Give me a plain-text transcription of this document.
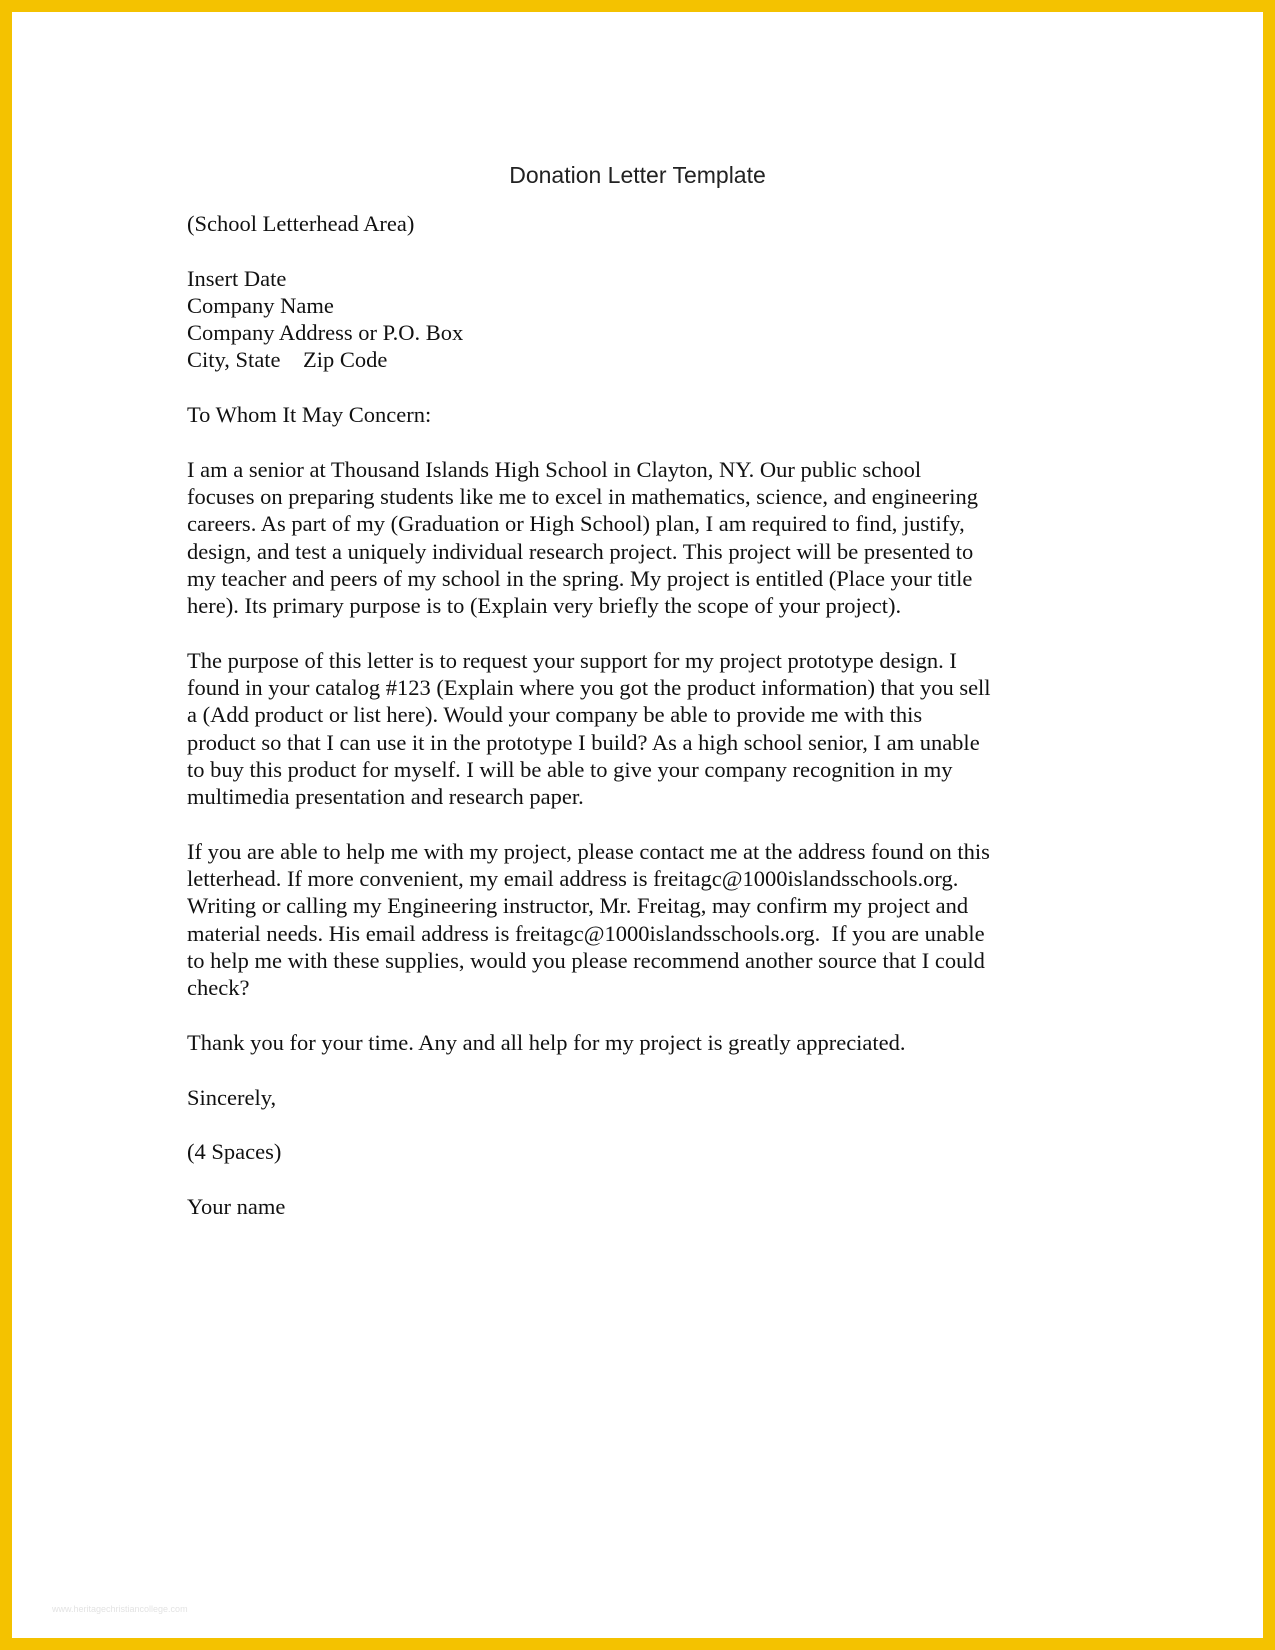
Donation Letter Template

(School Letterhead Area)

Insert Date
Company Name
Company Address or P.O. Box
City, State    Zip Code

To Whom It May Concern:

I am a senior at Thousand Islands High School in Clayton, NY. Our public school
focuses on preparing students like me to excel in mathematics, science, and engineering
careers. As part of my (Graduation or High School) plan, I am required to find, justify,
design, and test a uniquely individual research project. This project will be presented to
my teacher and peers of my school in the spring. My project is entitled (Place your title
here). Its primary purpose is to (Explain very briefly the scope of your project).

The purpose of this letter is to request your support for my project prototype design. I
found in your catalog #123 (Explain where you got the product information) that you sell
a (Add product or list here). Would your company be able to provide me with this
product so that I can use it in the prototype I build? As a high school senior, I am unable
to buy this product for myself. I will be able to give your company recognition in my
multimedia presentation and research paper.

If you are able to help me with my project, please contact me at the address found on this
letterhead. If more convenient, my email address is freitagc@1000islandsschools.org.
Writing or calling my Engineering instructor, Mr. Freitag, may confirm my project and
material needs. His email address is freitagc@1000islandsschools.org.  If you are unable
to help me with these supplies, would you please recommend another source that I could
check?

Thank you for your time. Any and all help for my project is greatly appreciated.

Sincerely,

(4 Spaces)

Your name

www.heritagechristiancollege.com
